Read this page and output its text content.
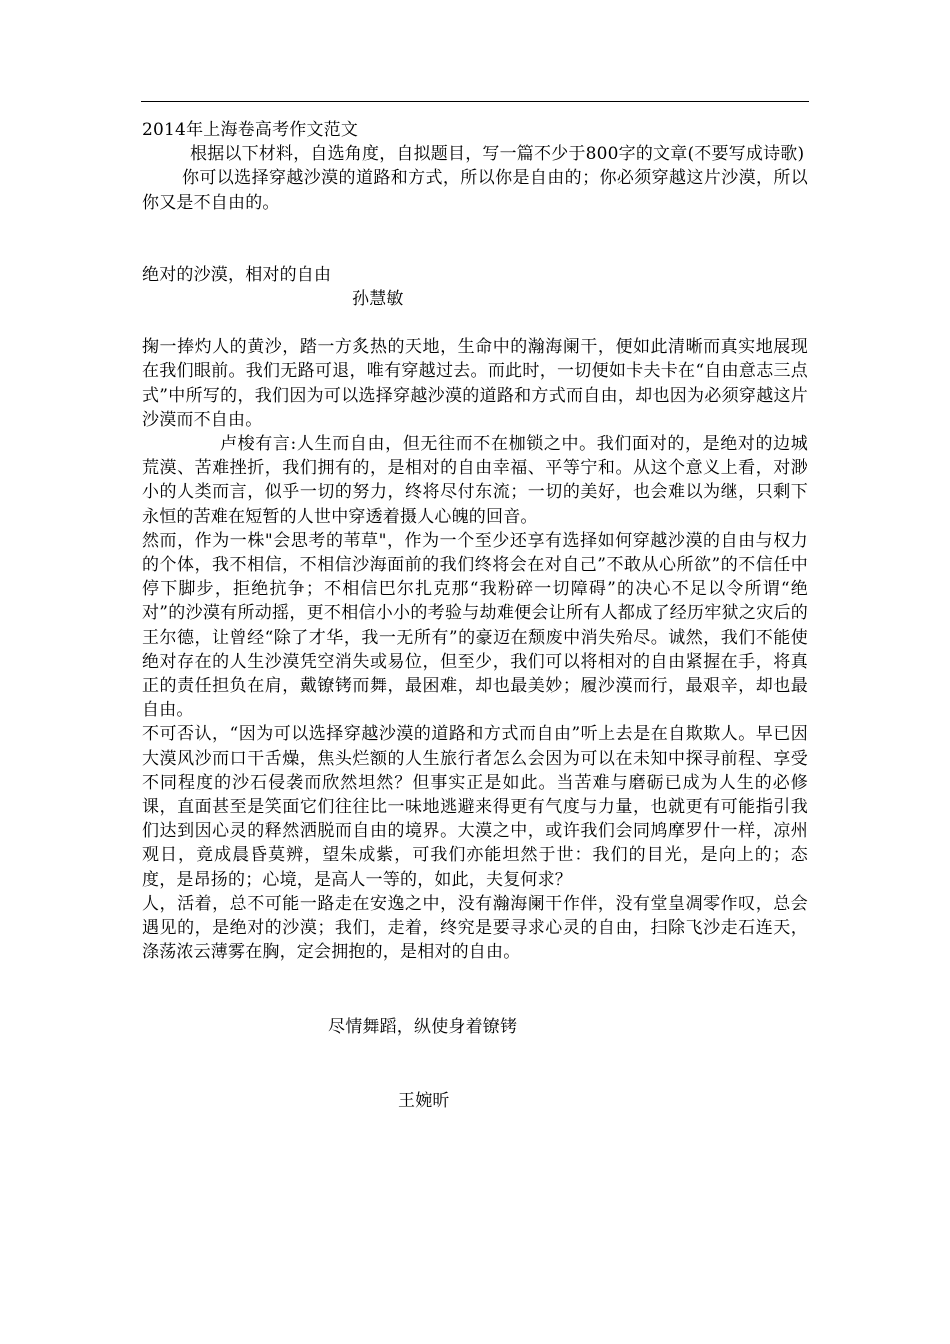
2014年上海卷高考作文范文

根据以下材料，自选角度，自拟题目，写一篇不少于800字的文章(不要写成诗歌)

你可以选择穿越沙漠的道路和方式，所以你是自由的；你必须穿越这片沙漠，所以你又是不自由的。

绝对的沙漠，相对的自由

孙慧敏

掬一捧灼人的黄沙，踏一方炙热的天地，生命中的瀚海阑干，便如此清晰而真实地展现在我们眼前。我们无路可退，唯有穿越过去。而此时，一切便如卡夫卡在“自由意志三点式”中所写的，我们因为可以选择穿越沙漠的道路和方式而自由，却也因为必须穿越这片沙漠而不自由。

卢梭有言:人生而自由，但无往而不在枷锁之中。我们面对的，是绝对的边城荒漠、苦难挫折，我们拥有的，是相对的自由幸福、平等宁和。从这个意义上看，对渺小的人类而言，似乎一切的努力，终将尽付东流；一切的美好，也会难以为继，只剩下永恒的苦难在短暂的人世中穿透着摄人心魄的回音。

然而，作为一株"会思考的苇草"，作为一个至少还享有选择如何穿越沙漠的自由与权力的个体，我不相信，不相信沙海面前的我们终将会在对自己”不敢从心所欲”的不信任中停下脚步，拒绝抗争；不相信巴尔扎克那“我粉碎一切障碍”的决心不足以令所谓“绝对”的沙漠有所动摇，更不相信小小的考验与劫难便会让所有人都成了经历牢狱之灾后的王尔德，让曾经“除了才华，我一无所有”的豪迈在颓废中消失殆尽。诚然，我们不能使绝对存在的人生沙漠凭空消失或易位，但至少，我们可以将相对的自由紧握在手，将真正的责任担负在肩，戴镣铐而舞，最困难，却也最美妙；履沙漠而行，最艰辛，却也最自由。

不可否认，“因为可以选择穿越沙漠的道路和方式而自由”听上去是在自欺欺人。早已因大漠风沙而口干舌燥，焦头烂额的人生旅行者怎么会因为可以在未知中探寻前程、享受不同程度的沙石侵袭而欣然坦然？但事实正是如此。当苦难与磨砺已成为人生的必修课，直面甚至是笑面它们往往比一味地逃避来得更有气度与力量，也就更有可能指引我们达到因心灵的释然洒脱而自由的境界。大漠之中，或许我们会同鸠摩罗什一样，凉州观日，竟成晨昏莫辨，望朱成紫，可我们亦能坦然于世：我们的目光，是向上的；态度，是昂扬的；心境，是高人一等的，如此，夫复何求？

人，活着，总不可能一路走在安逸之中，没有瀚海阑干作伴，没有堂皇凋零作叹，总会遇见的，是绝对的沙漠；我们，走着，终究是要寻求心灵的自由，扫除飞沙走石连天，涤荡浓云薄雾在胸，定会拥抱的，是相对的自由。

尽情舞蹈，纵使身着镣铐

王婉昕
